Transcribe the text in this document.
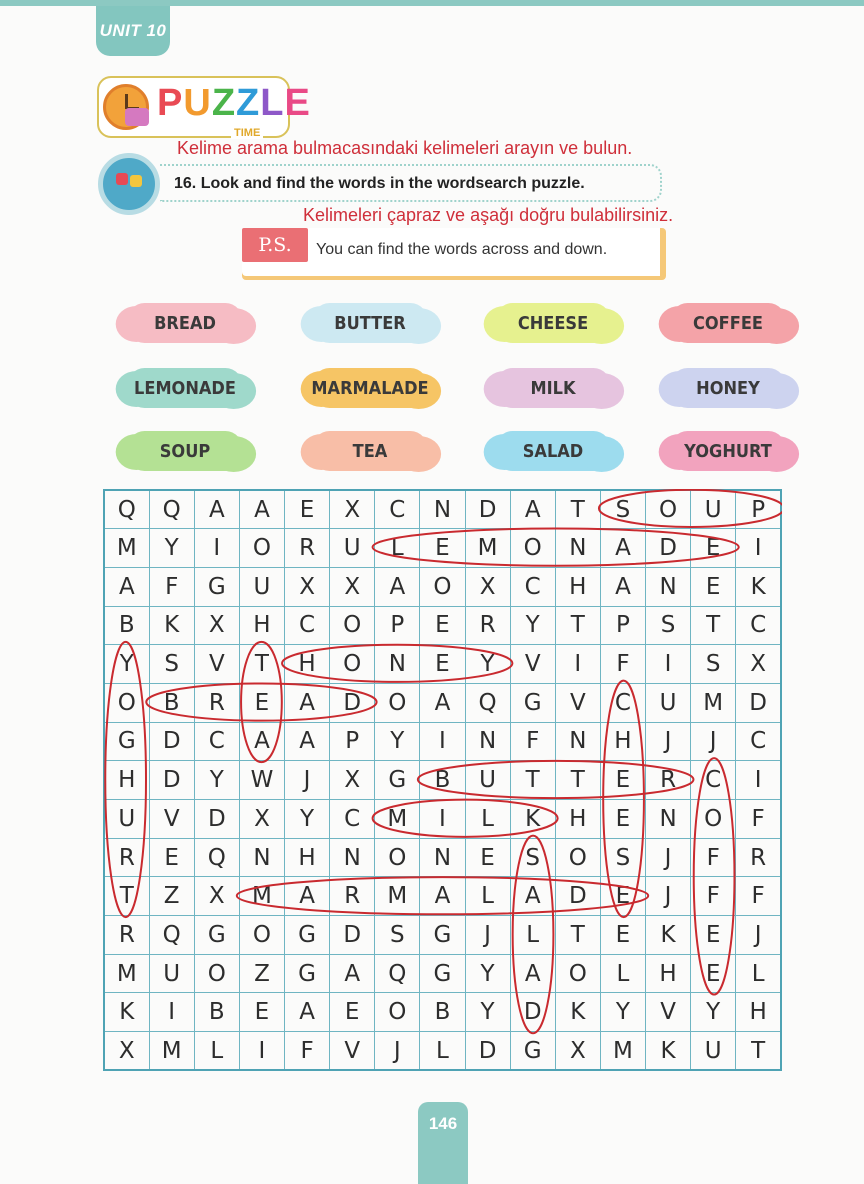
UNIT 10
PUZZLE
TIME
Kelime arama bulmacasındaki kelimeleri arayın ve bulun.
16. Look and find the words in the wordsearch puzzle.
Kelimeleri çapraz ve aşağı doğru bulabilirsiniz.
P.S.	You can find the words across and down.
BREAD	BUTTER	CHEESE	COFFEE
LEMONADE	MARMALADE	MILK	HONEY
SOUP	TEA	SALAD	YOGHURT
Q	Q	A	A	E	X	C	N	D	A	T	S	O	U	P
M	Y	I	O	R	U	L	E	M	O	N	A	D	E	I
A	F	G	U	X	X	A	O	X	C	H	A	N	E	K
B	K	X	H	C	O	P	E	R	Y	T	P	S	T	C
Y	S	V	T	H	O	N	E	Y	V	I	F	I	S	X
O	B	R	E	A	D	O	A	Q	G	V	C	U	M	D
G	D	C	A	A	P	Y	I	N	F	N	H	J	J	C
H	D	Y	W	J	X	G	B	U	T	T	E	R	C	I
U	V	D	X	Y	C	M	I	L	K	H	E	N	O	F
R	E	Q	N	H	N	O	N	E	S	O	S	J	F	R
T	Z	X	M	A	R	M	A	L	A	D	E	J	F	F
R	Q	G	O	G	D	S	G	J	L	T	E	K	E	J
M	U	O	Z	G	A	Q	G	Y	A	O	L	H	E	L
K	I	B	E	A	E	O	B	Y	D	K	Y	V	Y	H
X	M	L	I	F	V	J	L	D	G	X	M	K	U	T
146
